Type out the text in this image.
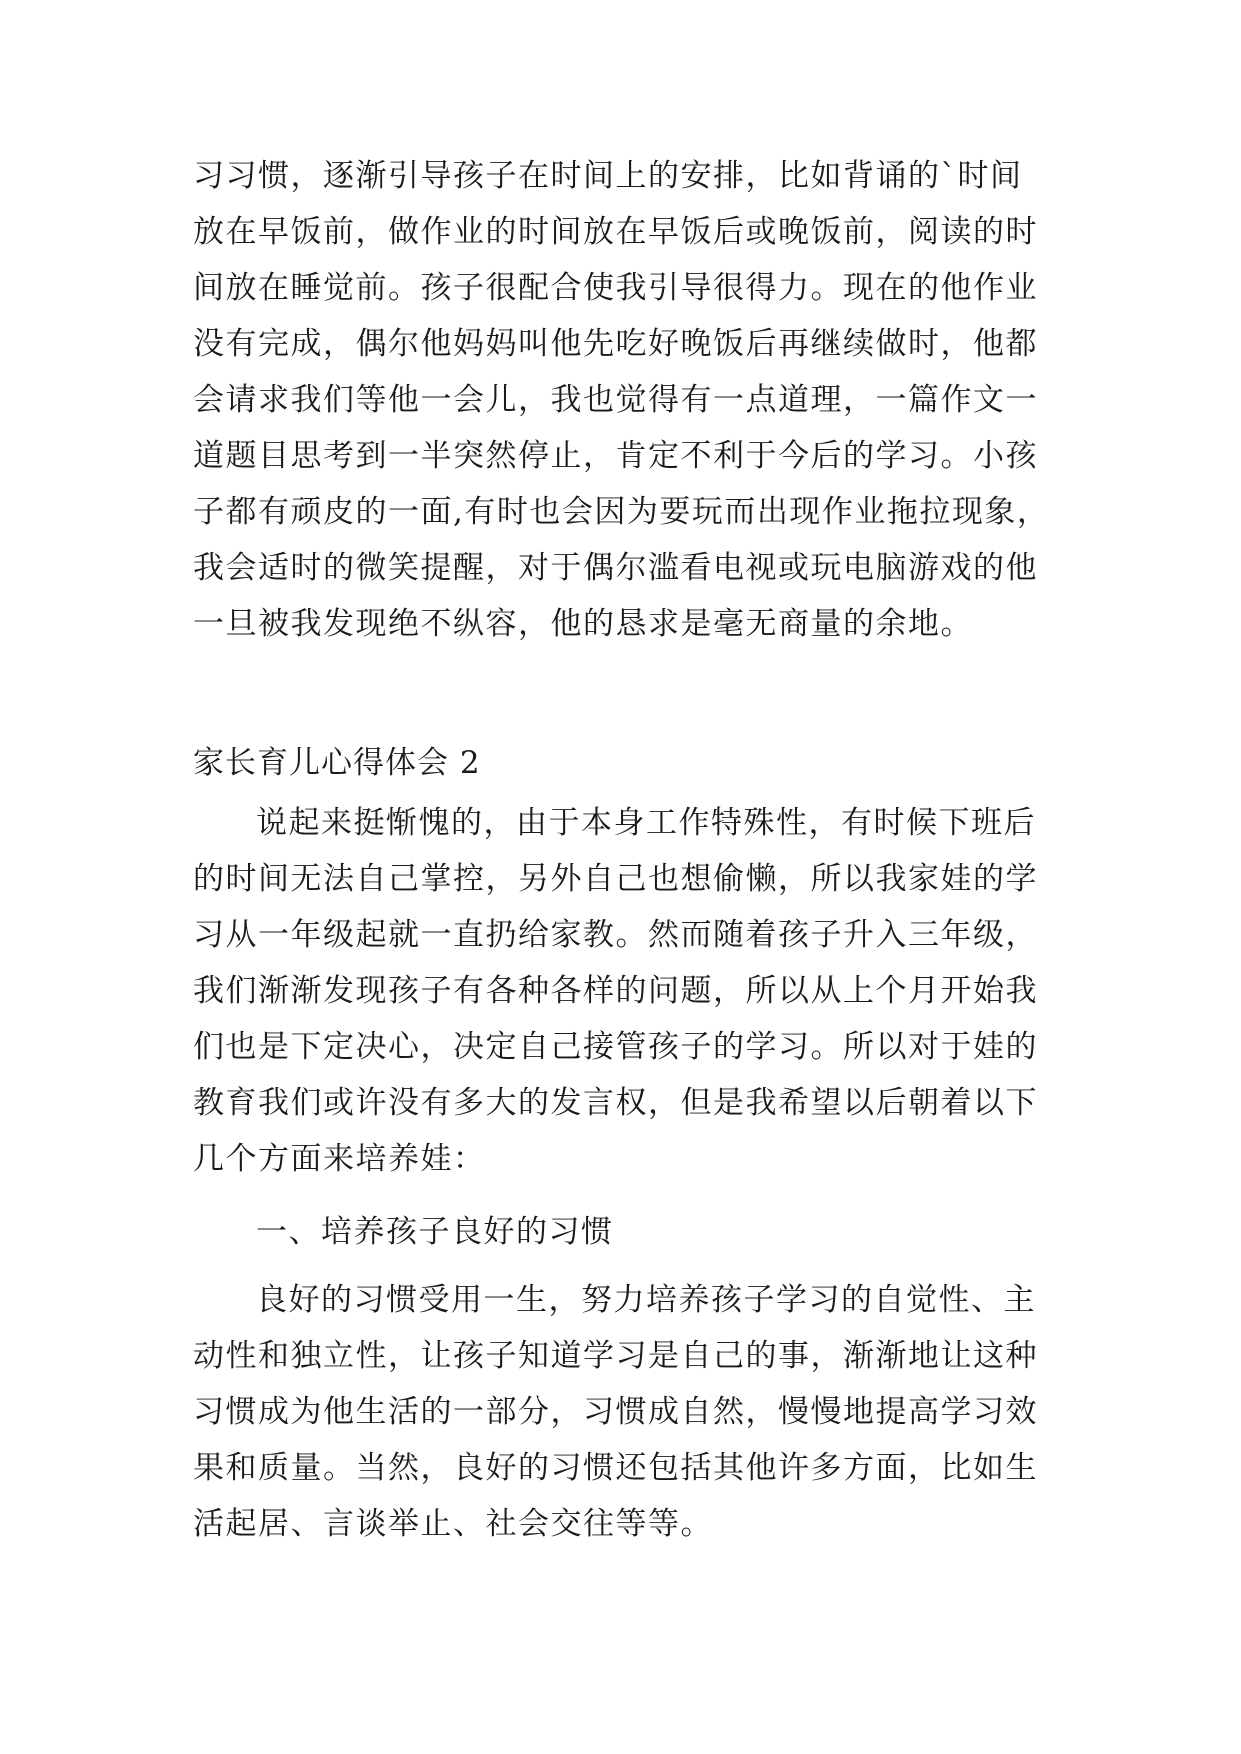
习习惯，逐渐引导孩子在时间上的安排，比如背诵的`时间
放在早饭前，做作业的时间放在早饭后或晚饭前，阅读的时
间放在睡觉前。孩子很配合使我引导很得力。现在的他作业
没有完成，偶尔他妈妈叫他先吃好晚饭后再继续做时，他都
会请求我们等他一会儿，我也觉得有一点道理，一篇作文一
道题目思考到一半突然停止，肯定不利于今后的学习。小孩
子都有顽皮的一面,有时也会因为要玩而出现作业拖拉现象，
我会适时的微笑提醒，对于偶尔滥看电视或玩电脑游戏的他
一旦被我发现绝不纵容，他的恳求是毫无商量的余地。
家长育儿心得体会 2
说起来挺惭愧的，由于本身工作特殊性，有时候下班后
的时间无法自己掌控，另外自己也想偷懒，所以我家娃的学
习从一年级起就一直扔给家教。然而随着孩子升入三年级，
我们渐渐发现孩子有各种各样的问题，所以从上个月开始我
们也是下定决心，决定自己接管孩子的学习。所以对于娃的
教育我们或许没有多大的发言权，但是我希望以后朝着以下
几个方面来培养娃：
一、培养孩子良好的习惯
良好的习惯受用一生，努力培养孩子学习的自觉性、主
动性和独立性，让孩子知道学习是自己的事，渐渐地让这种
习惯成为他生活的一部分，习惯成自然，慢慢地提高学习效
果和质量。当然，良好的习惯还包括其他许多方面，比如生
活起居、言谈举止、社会交往等等。
